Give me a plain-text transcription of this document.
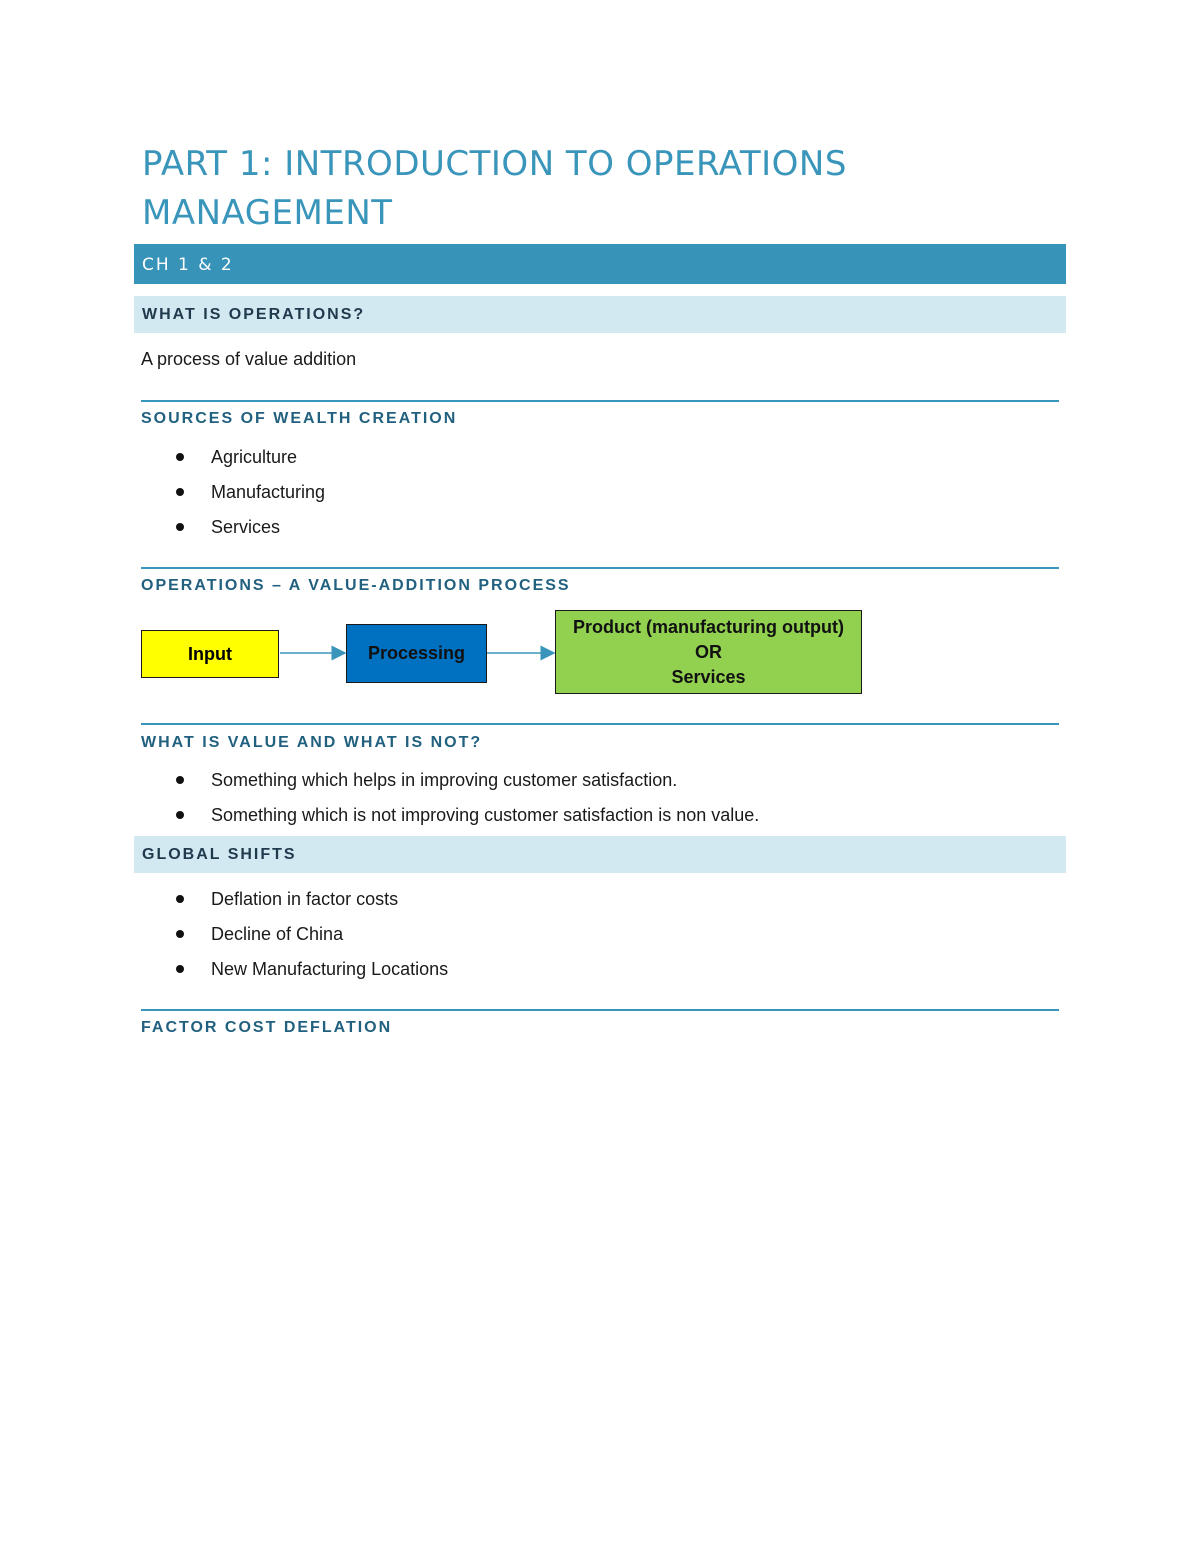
PART 1: INTRODUCTION TO OPERATIONS
MANAGEMENT
CH 1 & 2
WHAT IS OPERATIONS?
A process of value addition
SOURCES OF WEALTH CREATION
Agriculture
Manufacturing
Services
OPERATIONS – A VALUE-ADDITION PROCESS
Input	Processing
Product (manufacturing output)
OR
Services
WHAT IS VALUE AND WHAT IS NOT?
Something which helps in improving customer satisfaction.
Something which is not improving customer satisfaction is non value.
GLOBAL SHIFTS
Deflation in factor costs
Decline of China
New Manufacturing Locations
FACTOR COST DEFLATION
